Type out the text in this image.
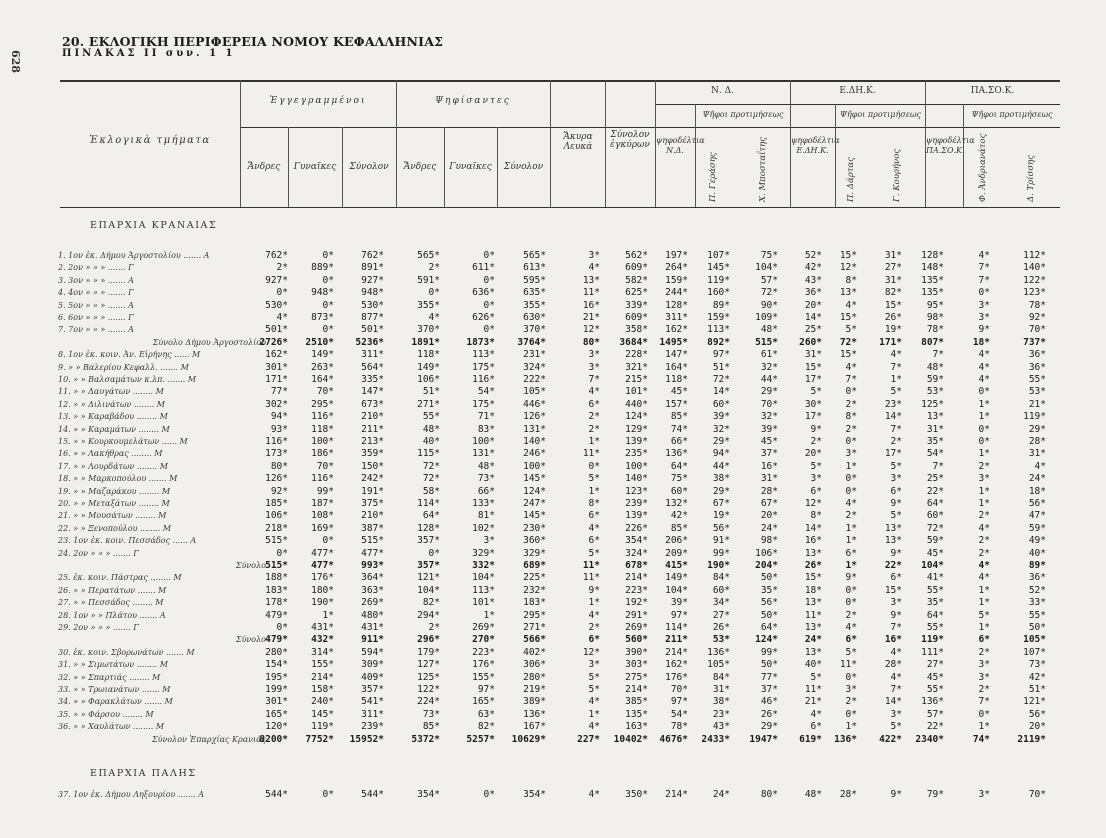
628
20. ΕΚΛΟΓΙΚΗ ΠΕΡΙΦΕΡΕΙΑ ΝΟΜΟΥ ΚΕΦΑΛΛΗΝΙΑΣ
ΠΙΝΑΚΑΣ ΙΙ συν. 1 1
Ἐκλογικὰ τμήματα
Ἐγγεγραμμένοι	Ψηφίσαντες
Ἄνδρες	Γυναῖκες	Σύνολον	Ἄνδρες	Γυναῖκες	Σύνολον
Ἄκυρα Λευκά
Σύνολον ἐγκύρων
Ν. Δ.
Ψῆφοι προτιμήσεως
ψηφοδέλτια Ν.Δ.
Ε.ΔΗ.Κ.
Ψῆφοι προτιμήσεως
ψηφοδέλτια Ε.ΔΗ.Κ.
ΠΑ.ΣΟ.Κ.
Ψῆφοι προτιμήσεως
ψηφοδέλτια ΠΑ.ΣΟ.Κ.
Π. Γεράσης	Χ. Μποσταΐτης	Π. Δάρτας	Γ. Κουρήνος	Φ. Ἀνδριανάτος	Δ. Τρίσσης
ΕΠΑΡΧΙΑ ΚΡΑΝΑΙΑΣ
ΕΠΑΡΧΙΑ ΠΑΛΗΣ
1. 1ον ἐκ. Δήμου Ἀργοστολίου ....... Α	762*	0*	762*	565*	0*	565*	3*	562*	197*	107*	75*	52*	15*	31*	128*	4*	112*
2. 2ον » » » ....... Γ	2*	889*	891*	2*	611*	613*	4*	609*	264*	145*	104*	42*	12*	27*	148*	7*	140*
3. 3ον » » » ....... Α	927*	0*	927*	591*	0*	595*	13*	582*	159*	119*	57*	43*	8*	31*	135*	7*	122*
4. 4ον » » » ....... Γ	0*	948*	948*	0*	636*	635*	11*	625*	244*	160*	72*	36*	13*	82*	135*	0*	123*
5. 5ον » » » ....... Α	530*	0*	530*	355*	0*	355*	16*	339*	128*	89*	90*	20*	4*	15*	95*	3*	78*
6. 6ον » » » ....... Γ	4*	873*	877*	4*	626*	630*	21*	609*	311*	159*	109*	14*	15*	26*	98*	3*	92*
7. 7ον » » » ....... Α	501*	0*	501*	370*	0*	370*	12*	358*	162*	113*	48*	25*	5*	19*	78*	9*	70*
Σύνολο Δήμου Ἀργοστολίου
2726*	2510*	5236*	1891*	1873*	3764*	80*	3684*	1495*	892*	515*	260*	72*	171*	807*	18*	737*
8. 1ον ἐκ. κοιν. Ἀν. Εἰρήνης ...... Μ	162*	149*	311*	118*	113*	231*	3*	228*	147*	97*	61*	31*	15*	4*	7*	4*	36*
9. » » Βαλερίου Κεφαλλ. ....... Μ	301*	263*	564*	149*	175*	324*	3*	321*	164*	51*	32*	15*	4*	7*	48*	4*	36*
10. » » Βαλσαμάτων κ.λπ. ....... Μ	171*	164*	335*	106*	116*	222*	7*	215*	118*	72*	44*	17*	7*	1*	59*	4*	55*
11. » » Δαυγάτων ........ Μ	77*	70*	147*	51*	54*	105*	4*	101*	45*	14*	29*	5*	0*	5*	53*	0*	53*
12. » » Διλινάτων ........ Μ	302*	295*	673*	271*	175*	446*	6*	440*	157*	60*	70*	30*	2*	23*	125*	1*	21*
13. » » Καραβάδου ........ Μ	94*	116*	210*	55*	71*	126*	2*	124*	85*	39*	32*	17*	8*	14*	13*	1*	119*
14. » » Καραμάτων ........ Μ	93*	118*	211*	48*	83*	131*	2*	129*	74*	32*	39*	9*	2*	7*	31*	0*	29*
15. » » Κουρκουμελάτων ...... Μ	116*	100*	213*	40*	100*	140*	1*	139*	66*	29*	45*	2*	0*	2*	35*	0*	28*
16. » » Λακήθρας ........ Μ	173*	186*	359*	115*	131*	246*	11*	235*	136*	94*	37*	20*	3*	17*	54*	1*	31*
17. » » Λουρδάτων ........ Μ	80*	70*	150*	72*	48*	100*	0*	100*	64*	44*	16*	5*	1*	5*	7*	2*	4*
18. » » Μαρκοπούλου ....... Μ	126*	116*	242*	72*	73*	145*	5*	140*	75*	38*	31*	3*	0*	3*	25*	3*	24*
19. » » Μαζαράκου ........ Μ	92*	99*	191*	58*	66*	124*	1*	123*	60*	29*	28*	6*	0*	6*	22*	1*	18*
20. » » Μεταξάτων ........ Μ	185*	187*	375*	114*	133*	247*	8*	239*	132*	67*	67*	12*	4*	9*	64*	1*	56*
21. » » Μουσάτων ........ Μ	106*	108*	210*	64*	81*	145*	6*	139*	42*	19*	20*	8*	2*	5*	60*	2*	47*
22. » » Ξενοπούλου ........ Μ	218*	169*	387*	128*	102*	230*	4*	226*	85*	56*	24*	14*	1*	13*	72*	4*	59*
23. 1ον ἐκ. κοιν. Πεσσάδος ...... Α	515*	0*	515*	357*	3*	360*	6*	354*	206*	91*	98*	16*	1*	13*	59*	2*	49*
24. 2ον » » » ....... Γ	0*	477*	477*	0*	329*	329*	5*	324*	209*	99*	106*	13*	6*	9*	45*	2*	40*
Σύνολο 515*	477*	993*	357*	332*	689*	11*	678*	415*	190*	204*	26*	1*	22*	104*	4*	89*
25. ἐκ. κοιν. Πάστρας ........ Μ	188*	176*	364*	121*	104*	225*	11*	214*	149*	84*	50*	15*	9*	6*	41*	4*	36*
26. » » Περατάτων ....... Μ	183*	180*	363*	104*	113*	232*	9*	223*	104*	60*	35*	18*	0*	15*	55*	1*	52*
27. » » Πεσσάδος ........ Μ	178*	190*	269*	82*	101*	183*	1*	192*	39*	34*	56*	13*	0*	3*	35*	1*	33*
28. 1ον » » Πλάτου ....... Α	479*	1*	480*	294*	1*	295*	4*	291*	97*	27*	50*	11*	2*	9*	64*	5*	55*
29. 2ον » » » ....... Γ	0*	431*	431*	2*	269*	271*	2*	269*	114*	26*	64*	13*	4*	7*	55*	1*	50*
Σύνολο 479*	432*	911*	296*	270*	566*	6*	560*	211*	53*	124*	24*	6*	16*	119*	6*	105*
30. ἐκ. κοιν. Σβορωνάτων ....... Μ	280*	314*	594*	179*	223*	402*	12*	390*	214*	136*	99*	13*	5*	4*	111*	2*	107*
31. » » Σιμωτάτων ........ Μ	154*	155*	309*	127*	176*	306*	3*	303*	162*	105*	50*	40*	11*	28*	27*	3*	73*
32. » » Σπαρτιάς ........ Μ	195*	214*	409*	125*	155*	280*	5*	275*	176*	84*	77*	5*	0*	4*	45*	3*	42*
33. » » Τρωιανάτων ....... Μ	199*	158*	357*	122*	97*	219*	5*	214*	70*	31*	37*	11*	3*	7*	55*	2*	51*
34. » » Φαρακλάτων ....... Μ	301*	240*	541*	224*	165*	389*	4*	385*	97*	38*	46*	21*	2*	14*	136*	7*	121*
35. » » Φάρσου ........ Μ	165*	145*	311*	73*	63*	136*	1*	135*	54*	23*	26*	4*	0*	3*	57*	0*	56*
36. » » Χαυλάτων ........ Μ	120*	119*	239*	85*	82*	167*	4*	163*	78*	43*	29*	6*	1*	5*	22*	1*	20*
Σύνολον Ἐπαρχίας Κρανιᾶς
8200*	7752*	15952*	5372*	5257*	10629*	227*	10402*	4676*	2433*	1947*	619*	136*	422*	2340*	74*	2119*
37. 1ον ἐκ. Δήμου Ληξουρίου ....... Α	544*	0*	544*	354*	0*	354*	4*	350*	214*	24*	80*	48*	28*	9*	79*	3*	70*
